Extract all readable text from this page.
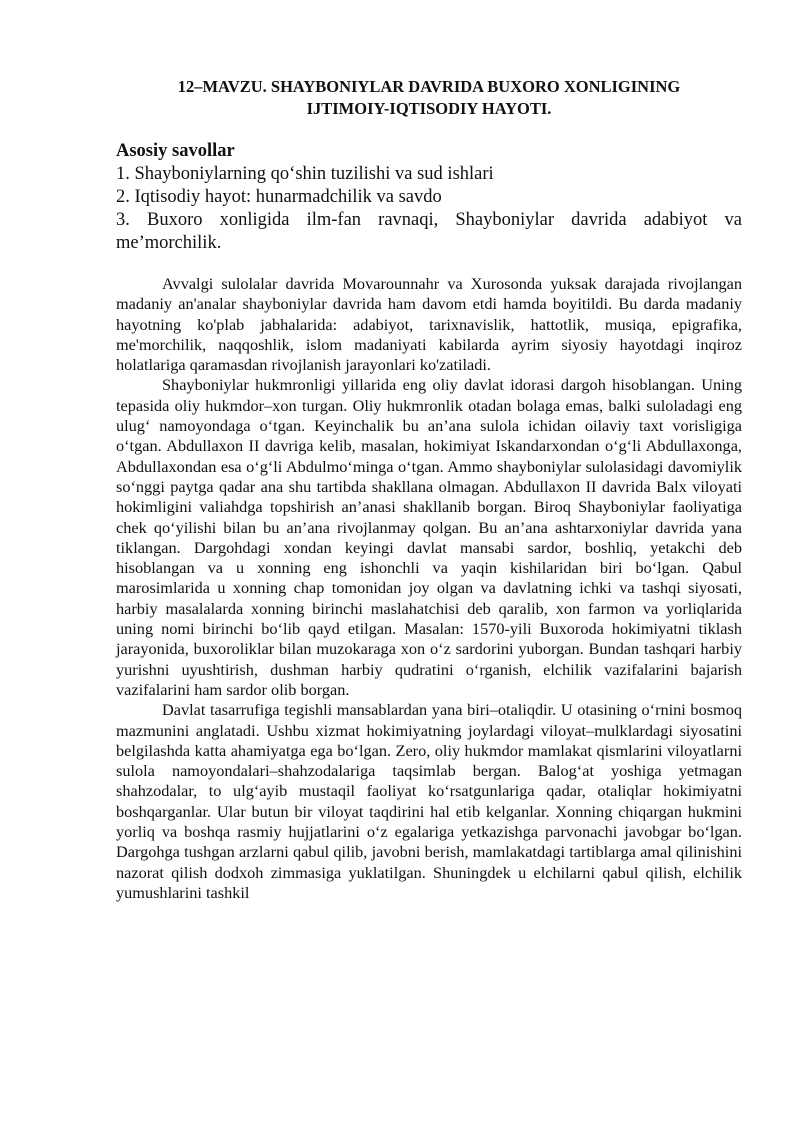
12–MAVZU. SHAYBONIYLAR DAVRIDA BUXORO XONLIGINING

IJTIMOIY-IQTISODIY HAYOTI.

Asosiy savollar

1. Shayboniylarning qo‘shin tuzilishi va sud ishlari

2. Iqtisodiy hayot: hunarmadchilik va savdo

3. Buxoro xonligida ilm-fan ravnaqi, Shayboniylar davrida adabiyot va me’morchilik.

Avvalgi sulolalar davrida Movarounnahr va Xurosonda yuksak darajada rivojlangan madaniy an'analar shayboniylar davrida ham davom etdi hamda boyitildi. Bu darda madaniy hayotning ko'plab jabhalarida: adabiyot, tarixnavislik, hattotlik, musiqa, epigrafika, me'morchilik, naqqoshlik, islom madaniyati kabilarda ayrim siyosiy hayotdagi inqiroz holatlariga qaramasdan rivojlanish jarayonlari ko'zatiladi.

Shayboniylar hukmronligi yillarida eng oliy davlat idorasi dargoh hisoblangan. Uning tepasida oliy hukmdor–xon turgan. Oliy hukmronlik otadan bolaga emas, balki suloladagi eng ulug‘ namoyondaga o‘tgan. Keyinchalik bu an’ana sulola ichidan oilaviy taxt vorisligiga o‘tgan. Abdullaxon II davriga kelib, masalan, hokimiyat Iskandarxondan o‘g‘li Abdullaxonga, Abdullaxondan esa o‘g‘li Abdulmo‘minga o‘tgan. Ammo shayboniylar sulolasidagi davomiylik so‘nggi paytga qadar ana shu tartibda shakllana olmagan. Abdullaxon II davrida Balx viloyati hokimligini valiahdga topshirish an’anasi shakllanib borgan. Biroq Shayboniylar faoliyatiga chek qo‘yilishi bilan bu an’ana rivojlanmay qolgan. Bu an’ana ashtarxoniylar davrida yana tiklangan. Dargohdagi xondan keyingi davlat mansabi sardor, boshliq, yetakchi deb hisoblangan va u xonning eng ishonchli va yaqin kishilaridan biri bo‘lgan. Qabul marosimlarida u xonning chap tomonidan joy olgan va davlatning ichki va tashqi siyosati, harbiy masalalarda xonning birinchi maslahatchisi deb qaralib, xon farmon va yorliqlarida uning nomi birinchi bo‘lib qayd etilgan. Masalan: 1570-yili Buxoroda hokimiyatni tiklash jarayonida, buxoroliklar bilan muzokaraga xon o‘z sardorini yuborgan. Bundan tashqari harbiy yurishni uyushtirish, dushman harbiy qudratini o‘rganish, elchilik vazifalarini bajarish vazifalarini ham sardor olib borgan.

Davlat tasarrufiga tegishli mansablardan yana biri–otaliqdir. U otasining o‘rnini bosmoq mazmunini anglatadi. Ushbu xizmat hokimiyatning joylardagi viloyat–mulklardagi siyosatini belgilashda katta ahamiyatga ega bo‘lgan. Zero, oliy hukmdor mamlakat qismlarini viloyatlarni sulola namoyondalari–shahzodalariga taqsimlab bergan. Balog‘at yoshiga yetmagan shahzodalar, to ulg‘ayib mustaqil faoliyat ko‘rsatgunlariga qadar, otaliqlar hokimiyatni boshqarganlar. Ular butun bir viloyat taqdirini hal etib kelganlar. Xonning chiqargan hukmini yorliq va boshqa rasmiy hujjatlarini o‘z egalariga yetkazishga parvonachi javobgar bo‘lgan. Dargohga tushgan arzlarni qabul qilib, javobni berish, mamlakatdagi tartiblarga amal qilinishini nazorat qilish dodxoh zimmasiga yuklatilgan. Shuningdek u elchilarni qabul qilish, elchilik yumushlarini tashkil
